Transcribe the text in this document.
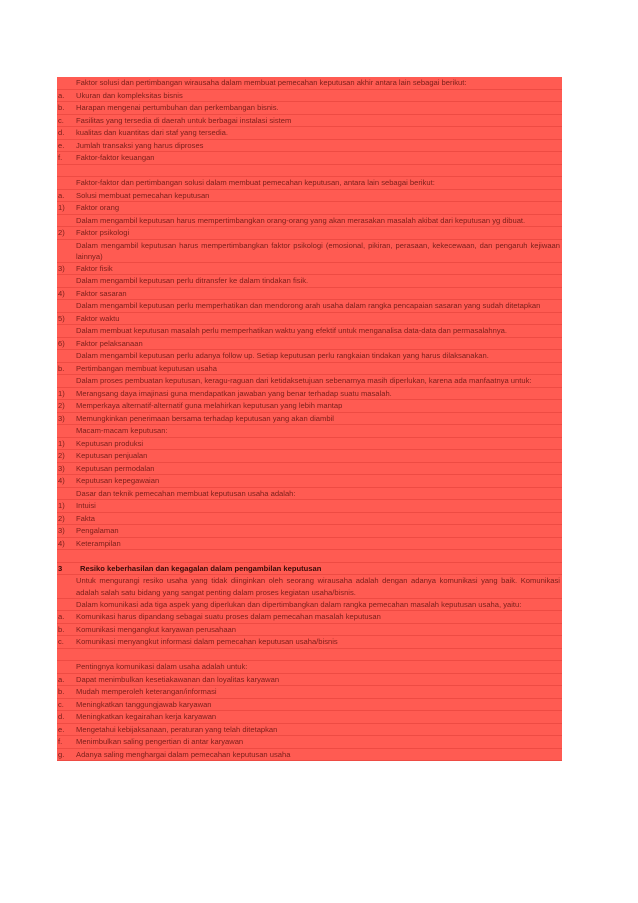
Faktor solusi dan pertimbangan wirausaha dalam membuat pemecahan keputusan akhir antara lain sebagai berikut:
a.	Ukuran dan kompleksitas bisnis
b.	Harapan mengenai pertumbuhan dan perkembangan bisnis.
c.	Fasilitas yang tersedia di daerah untuk berbagai instalasi sistem
d.	kualitas dan kuantitas dari staf yang tersedia.
e.	Jumlah transaksi yang harus diproses
f.	Faktor-faktor keuangan
Faktor-faktor dan pertimbangan solusi dalam membuat pemecahan keputusan, antara lain sebagai berikut:
a.	Solusi membuat pemecahan keputusan
1)	Faktor orang
Dalam mengambil keputusan harus mempertimbangkan orang-orang yang akan merasakan masalah akibat dari keputusan yg dibuat.
2)	Faktor psikologi
Dalam mengambil keputusan harus mempertimbangkan faktor psikologi (emosional, pikiran, perasaan, kekecewaan, dan pengaruh kejiwaan lainnya)
3)	Faktor fisik
Dalam mengambil keputusan perlu ditransfer ke dalam tindakan fisik.
4)	Faktor sasaran
Dalam mengambil keputusan perlu memperhatikan dan mendorong arah usaha dalam rangka pencapaian sasaran yang sudah ditetapkan
5)	Faktor waktu
Dalam membuat keputusan masalah perlu memperhatikan waktu yang efektif untuk menganalisa data-data dan permasalahnya.
6)	Faktor pelaksanaan
Dalam mengambil keputusan perlu adanya follow up. Setiap keputusan perlu rangkaian tindakan yang harus dilaksanakan.
b.	Pertimbangan membuat keputusan usaha
Dalam proses pembuatan keputusan, keragu-raguan dari ketidaksetujuan sebenarnya masih diperlukan, karena ada manfaatnya untuk:
1)	Merangsang daya imajinasi guna mendapatkan jawaban yang benar terhadap suatu masalah.
2)	Memperkaya alternatif-alternatif guna melahirkan keputusan yang lebih mantap
3)	Memungkinkan penerimaan bersama terhadap keputusan yang akan diambil
Macam-macam keputusan:
1)	Keputusan produksi
2)	Keputusan penjualan
3)	Keputusan permodalan
4)	Keputusan kepegawaian
Dasar dan teknik pemecahan membuat keputusan usaha adalah:
1)	Intuisi
2)	Fakta
3)	Pengalaman
4)	Keterampilan
3	Resiko keberhasilan dan kegagalan dalam pengambilan keputusan
Untuk mengurangi resiko usaha yang tidak diinginkan oleh seorang wirausaha adalah dengan adanya komunikasi yang baik. Komunikasi adalah salah satu bidang yang sangat penting dalam proses kegiatan usaha/bisnis.
Dalam komunikasi ada tiga aspek yang diperlukan dan dipertimbangkan dalam rangka pemecahan masalah keputusan usaha, yaitu:
a.	Komunikasi harus dipandang sebagai suatu proses dalam pemecahan masalah keputusan
b.	Komunikasi mengangkut karyawan perusahaan
c.	Komunikasi menyangkut informasi dalam pemecahan keputusan usaha/bisnis
Pentingnya komunikasi dalam usaha adalah untuk:
a.	Dapat menimbulkan kesetiakawanan dan loyalitas karyawan
b.	Mudah memperoleh keterangan/informasi
c.	Meningkatkan tanggungjawab karyawan
d.	Meningkatkan kegairahan kerja karyawan
e.	Mengetahui kebijaksanaan, peraturan yang telah ditetapkan
f.	Menimbulkan saling pengertian di antar karyawan
g.	Adanya saling menghargai dalam pemecahan keputusan usaha
